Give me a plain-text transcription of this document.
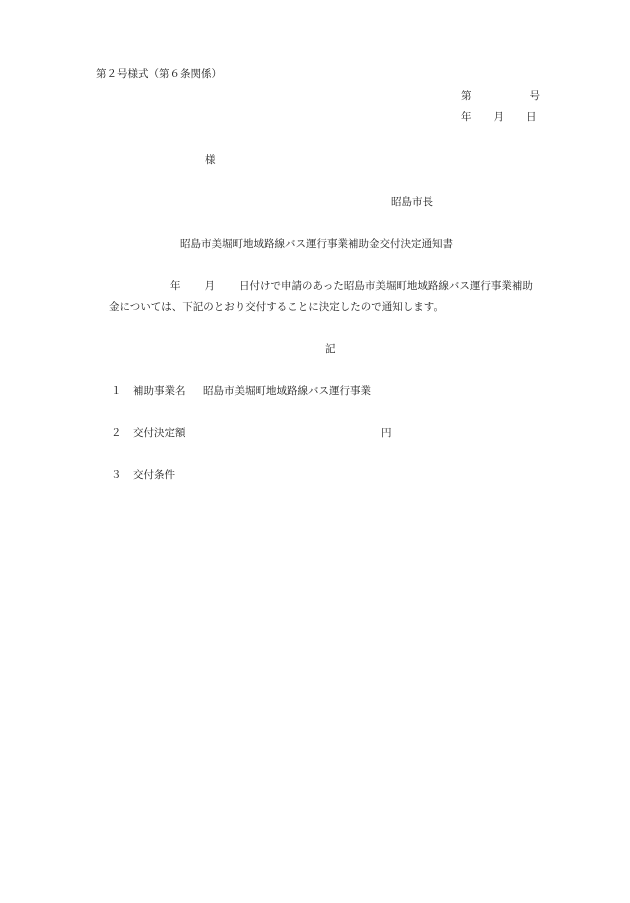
第２号様式（第６条関係）
第	号
年 月 日
様
昭島市長
昭島市美堀町地域路線バス運行事業補助金交付決定通知書
年 月 日付けで申請のあった昭島市美堀町地域路線バス運行事業補助
金については、下記のとおり交付することに決定したので通知します。
記
１ 補助事業名 昭島市美堀町地域路線バス運行事業
２ 交付決定額	円
３ 交付条件
